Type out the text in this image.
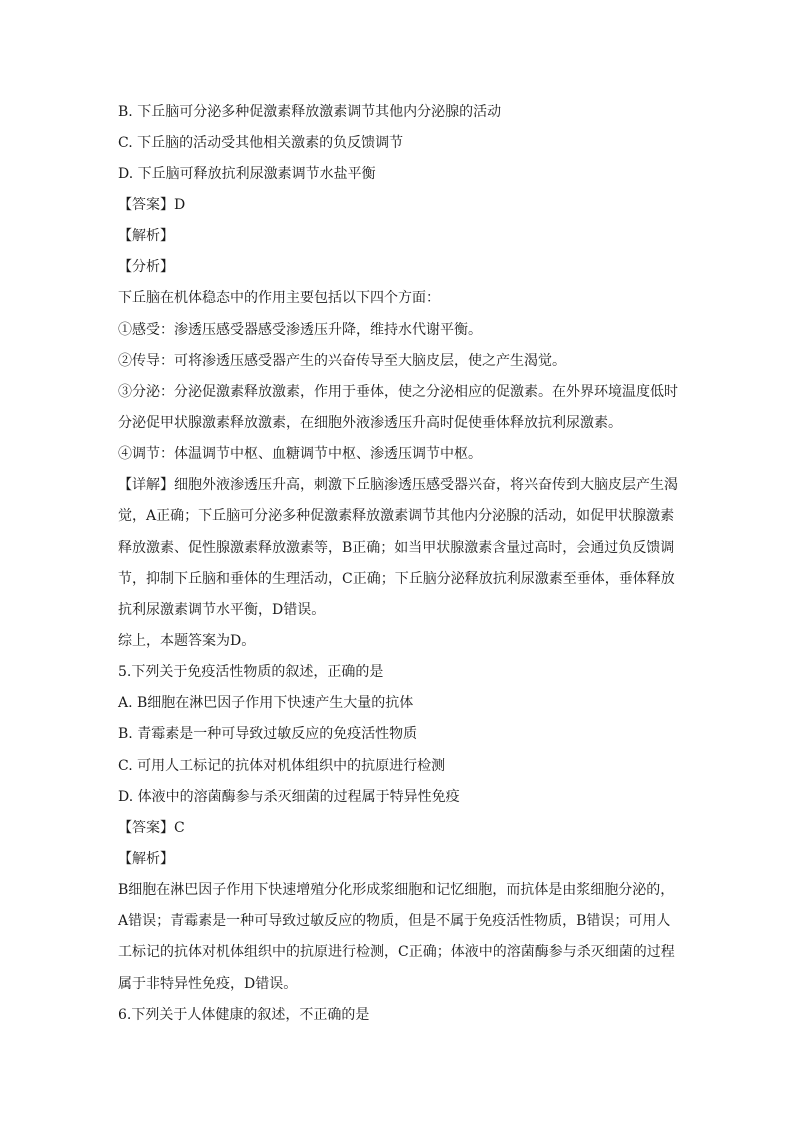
B. 下丘脑可分泌多种促激素释放激素调节其他内分泌腺的活动
C. 下丘脑的活动受其他相关激素的负反馈调节
D. 下丘脑可释放抗利尿激素调节水盐平衡
【答案】D
【解析】
【分析】
下丘脑在机体稳态中的作用主要包括以下四个方面：
①感受：渗透压感受器感受渗透压升降，维持水代谢平衡。
②传导：可将渗透压感受器产生的兴奋传导至大脑皮层，使之产生渴觉。
③分泌：分泌促激素释放激素，作用于垂体，使之分泌相应的促激素。在外界环境温度低时
分泌促甲状腺激素释放激素，在细胞外液渗透压升高时促使垂体释放抗利尿激素。
④调节：体温调节中枢、血糖调节中枢、渗透压调节中枢。
【详解】细胞外液渗透压升高，刺激下丘脑渗透压感受器兴奋，将兴奋传到大脑皮层产生渴
觉，A正确；下丘脑可分泌多种促激素释放激素调节其他内分泌腺的活动，如促甲状腺激素
释放激素、促性腺激素释放激素等，B正确；如当甲状腺激素含量过高时，会通过负反馈调
节，抑制下丘脑和垂体的生理活动，C正确；下丘脑分泌释放抗利尿激素至垂体，垂体释放
抗利尿激素调节水平衡，D错误。
综上，本题答案为D。
5.下列关于免疫活性物质的叙述，正确的是
A. B细胞在淋巴因子作用下快速产生大量的抗体
B. 青霉素是一种可导致过敏反应的免疫活性物质
C. 可用人工标记的抗体对机体组织中的抗原进行检测
D. 体液中的溶菌酶参与杀灭细菌的过程属于特异性免疫
【答案】C
【解析】
B细胞在淋巴因子作用下快速增殖分化形成浆细胞和记忆细胞，而抗体是由浆细胞分泌的，
A错误；青霉素是一种可导致过敏反应的物质，但是不属于免疫活性物质，B错误；可用人
工标记的抗体对机体组织中的抗原进行检测，C正确；体液中的溶菌酶参与杀灭细菌的过程
属于非特异性免疫，D错误。
6.下列关于人体健康的叙述，不正确的是
